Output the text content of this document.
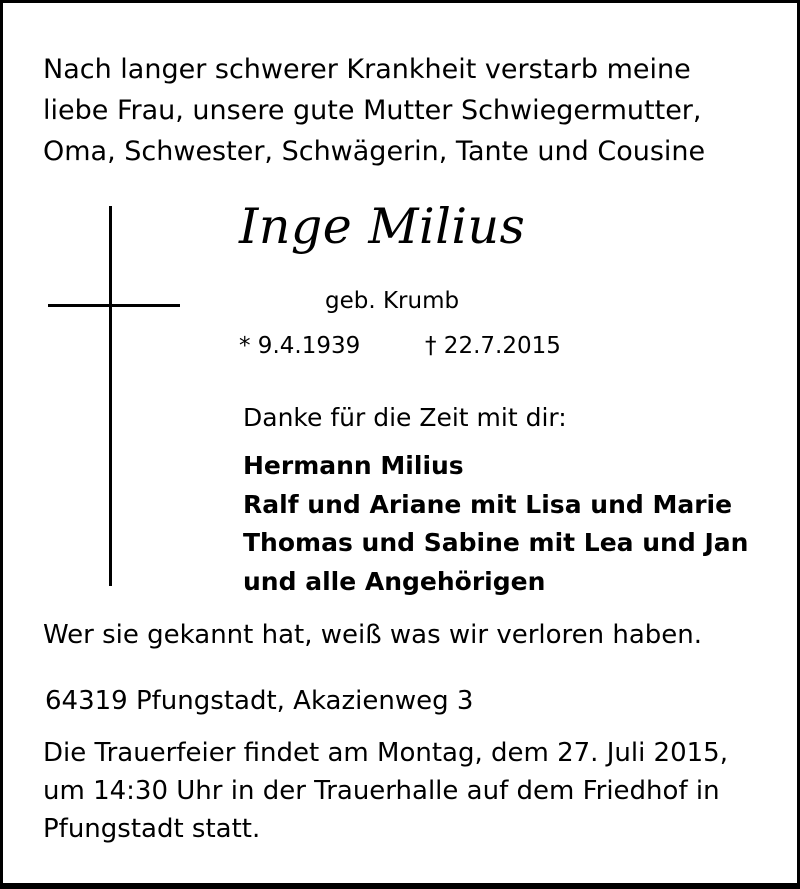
Nach langer schwerer Krankheit verstarb meine
liebe Frau, unsere gute Mutter Schwiegermutter,
Oma, Schwester, Schwägerin, Tante und Cousine
Inge Milius
geb. Krumb
* 9.4.1939	† 22.7.2015
Danke für die Zeit mit dir:
Hermann Milius
Ralf und Ariane mit Lisa und Marie
Thomas und Sabine mit Lea und Jan
und alle Angehörigen
Wer sie gekannt hat, weiß was wir verloren haben.
64319 Pfungstadt, Akazienweg 3
Die Trauerfeier findet am Montag, dem 27. Juli 2015,
um 14:30 Uhr in der Trauerhalle auf dem Friedhof in
Pfungstadt statt.
